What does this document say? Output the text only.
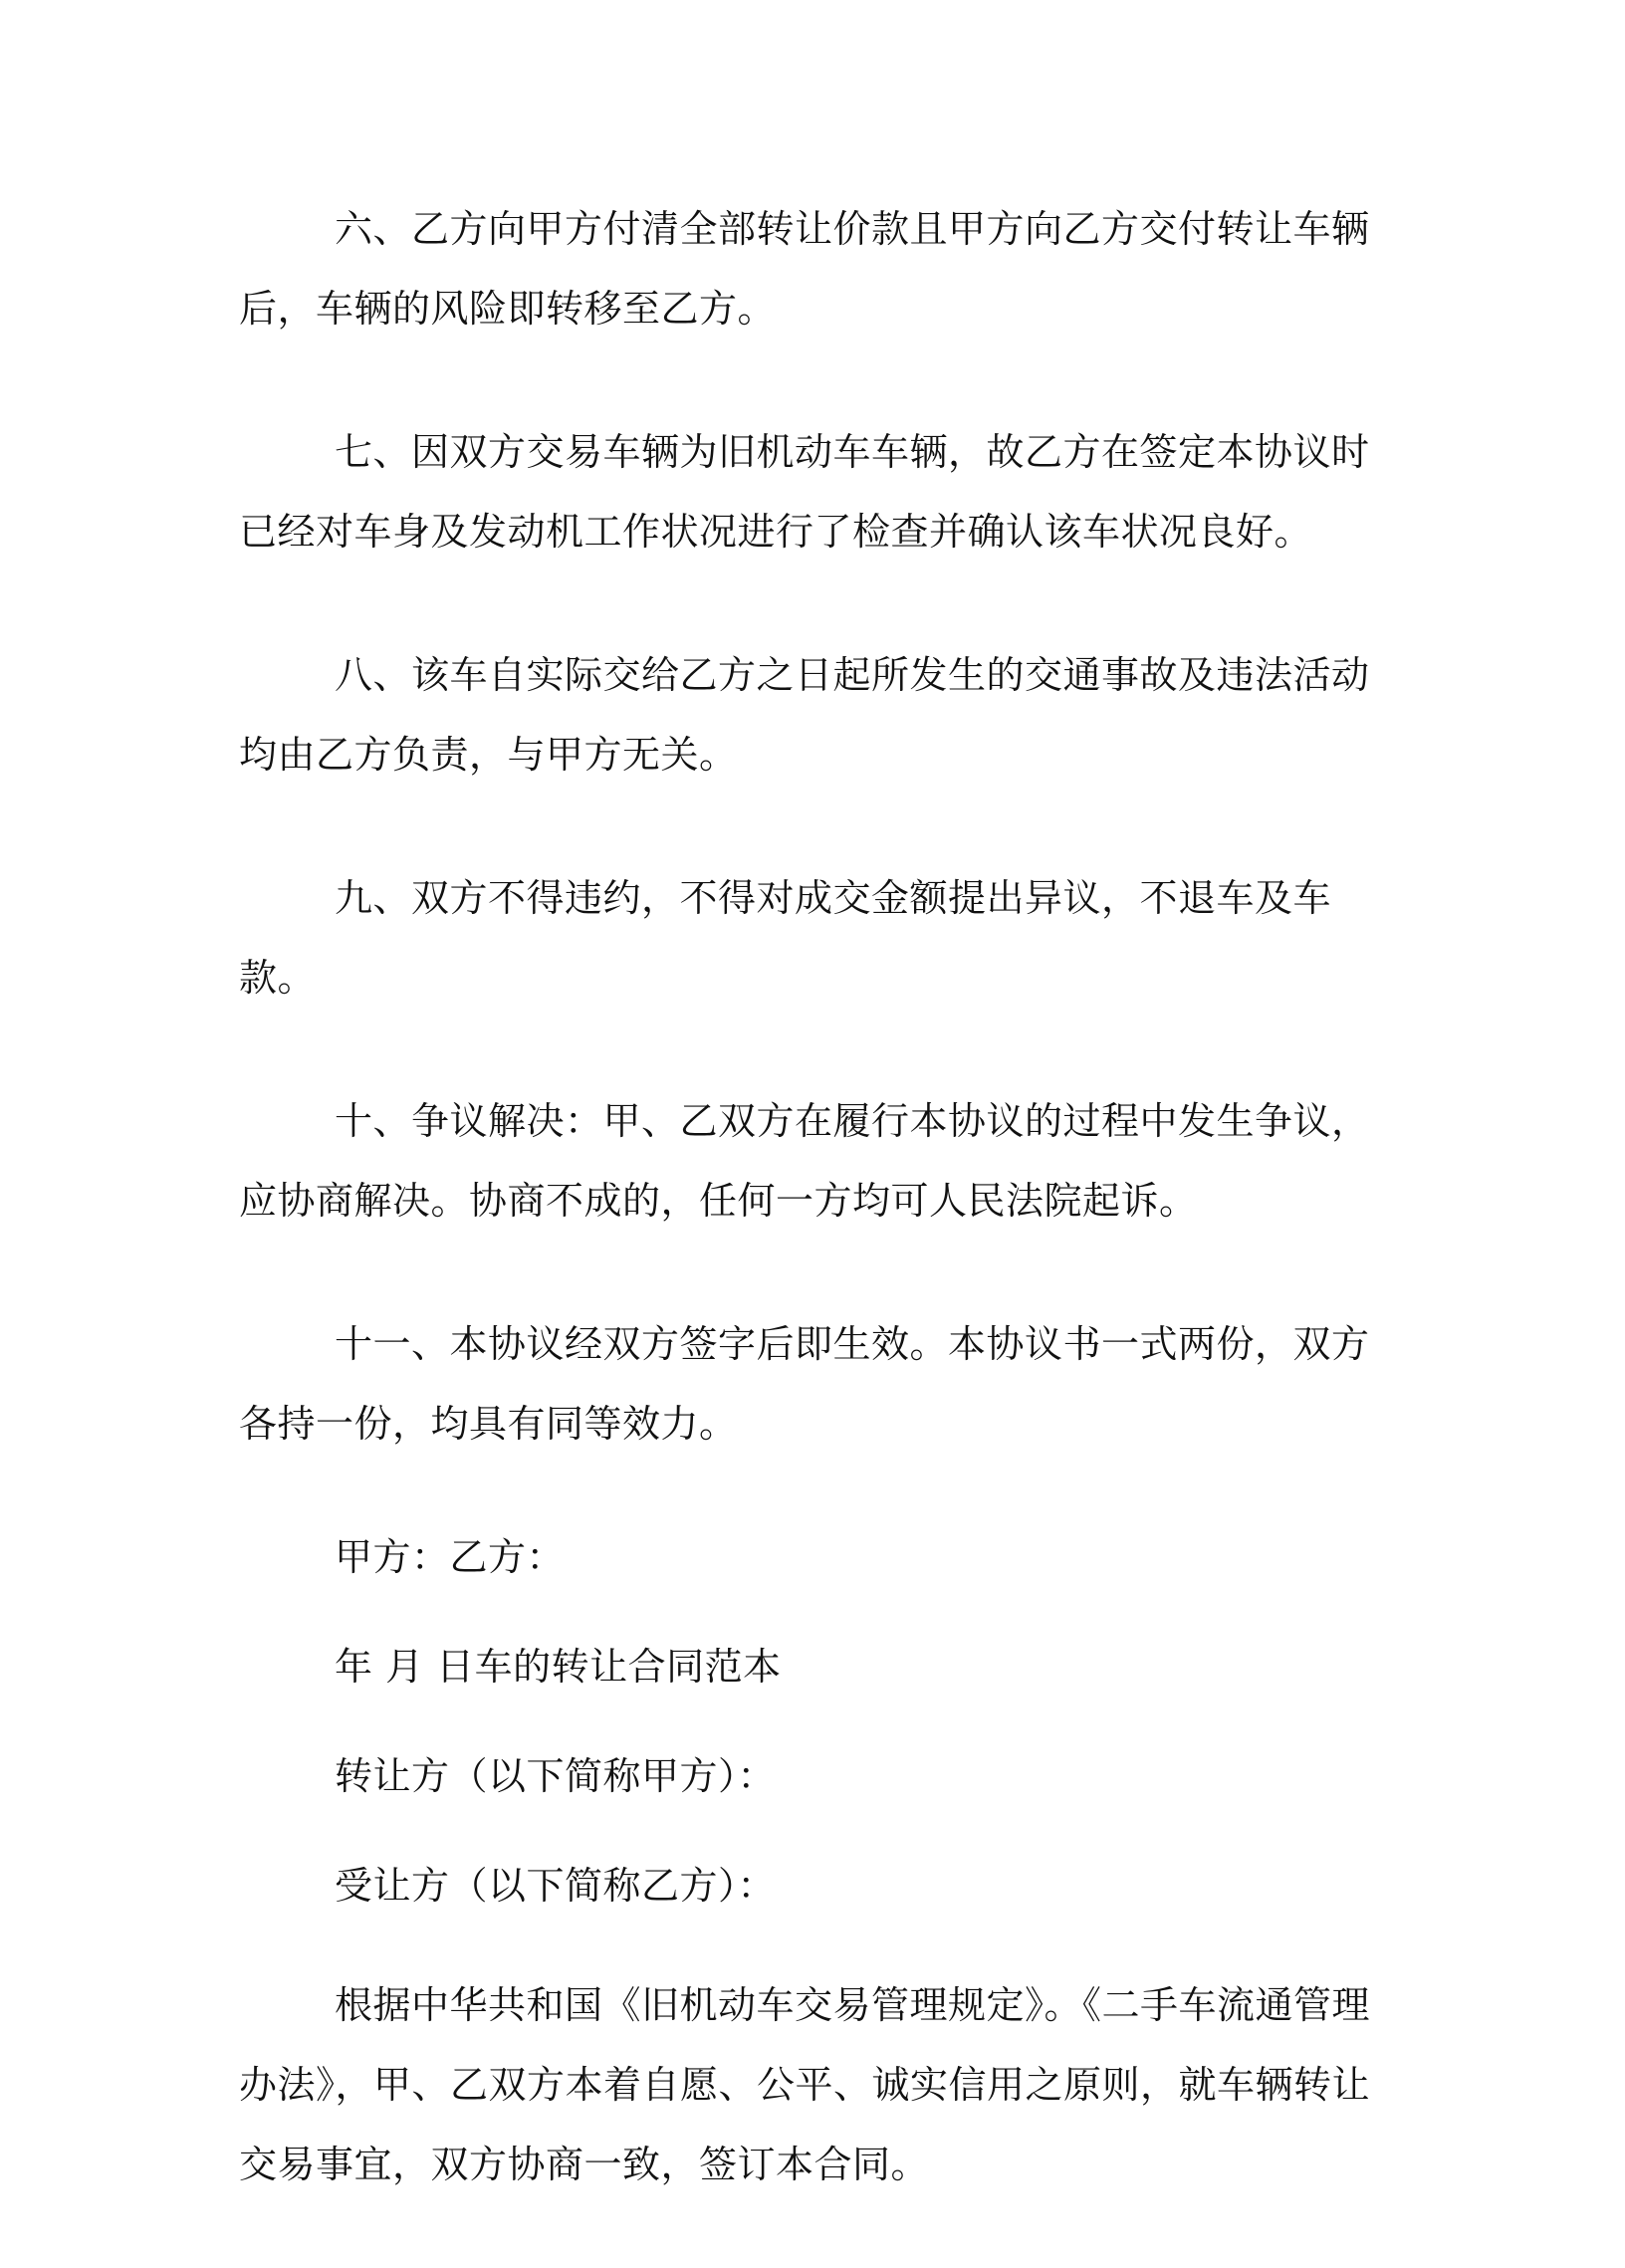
六、乙方向甲方付清全部转让价款且甲方向乙方交付转让车辆后，车辆的风险即转移至乙方。

七、因双方交易车辆为旧机动车车辆，故乙方在签定本协议时已经对车身及发动机工作状况进行了检查并确认该车状况良好。

八、该车自实际交给乙方之日起所发生的交通事故及违法活动均由乙方负责，与甲方无关。

九、双方不得违约，不得对成交金额提出异议，不退车及车款。

十、争议解决：甲、乙双方在履行本协议的过程中发生争议，应协商解决。协商不成的，任何一方均可人民法院起诉。

十一、本协议经双方签字后即生效。本协议书一式两份，双方各持一份，均具有同等效力。

甲方：乙方：

年 月 日车的转让合同范本

转让方（以下简称甲方）：

受让方（以下简称乙方）：

根据中华共和国《旧机动车交易管理规定》。《二手车流通管理办法》，甲、乙双方本着自愿、公平、诚实信用之原则，就车辆转让交易事宜，双方协商一致，签订本合同。
